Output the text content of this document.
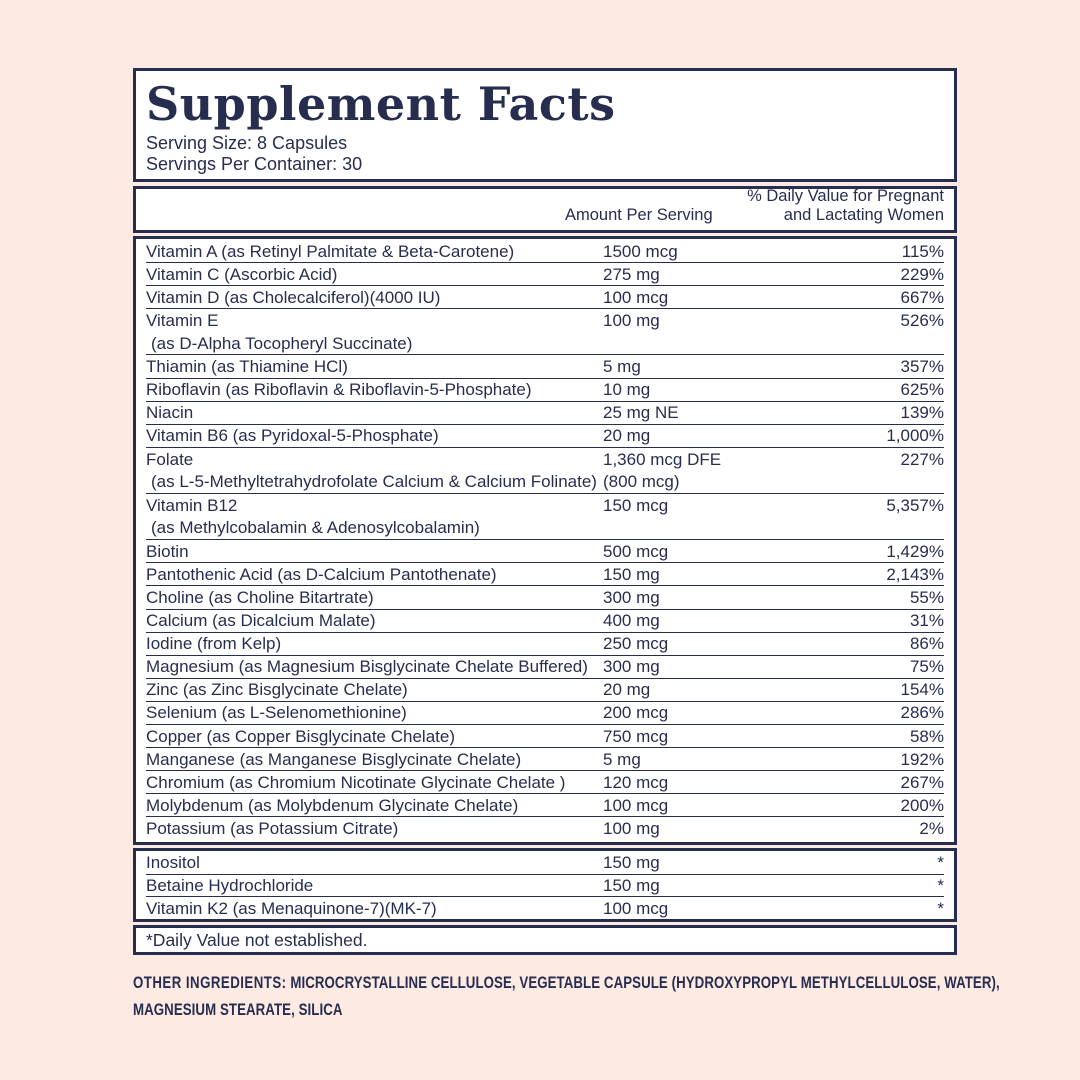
Supplement Facts
Serving Size: 8 Capsules
Servings Per Container: 30
Amount Per Serving
% Daily Value for Pregnant
and Lactating Women
Vitamin A (as Retinyl Palmitate & Beta-Carotene)	1500 mcg	115%
Vitamin C (Ascorbic Acid)	275 mg	229%
Vitamin D (as Cholecalciferol)(4000 IU)	100 mcg	667%
Vitamin E	100 mg	526%
(as D-Alpha Tocopheryl Succinate)
Thiamin (as Thiamine HCl)	5 mg	357%
Riboflavin (as Riboflavin & Riboflavin-5-Phosphate)	10 mg	625%
Niacin	25 mg NE	139%
Vitamin B6 (as Pyridoxal-5-Phosphate)	20 mg	1,000%
Folate	1,360 mcg DFE	227%
(as L-5-Methyltetrahydrofolate Calcium & Calcium Folinate) (800 mcg)
Vitamin B12	150 mcg	5,357%
(as Methylcobalamin & Adenosylcobalamin)
Biotin	500 mcg	1,429%
Pantothenic Acid (as D-Calcium Pantothenate)	150 mg	2,143%
Choline (as Choline Bitartrate)	300 mg	55%
Calcium (as Dicalcium Malate)	400 mg	31%
Iodine (from Kelp)	250 mcg	86%
Magnesium (as Magnesium Bisglycinate Chelate Buffered) 300 mg	75%
Zinc (as Zinc Bisglycinate Chelate)	20 mg	154%
Selenium (as L-Selenomethionine)	200 mcg	286%
Copper (as Copper Bisglycinate Chelate)	750 mcg	58%
Manganese (as Manganese Bisglycinate Chelate)	5 mg	192%
Chromium (as Chromium Nicotinate Glycinate Chelate )	120 mcg	267%
Molybdenum (as Molybdenum Glycinate Chelate)	100 mcg	200%
Potassium (as Potassium Citrate)	100 mg	2%
Inositol	150 mg	*
Betaine Hydrochloride	150 mg	*
Vitamin K2 (as Menaquinone-7)(MK-7)	100 mcg	*
*Daily Value not established.

OTHER INGREDIENTS: MICROCRYSTALLINE CELLULOSE, VEGETABLE CAPSULE (HYDROXYPROPYL METHYLCELLULOSE, WATER),
MAGNESIUM STEARATE, SILICA
